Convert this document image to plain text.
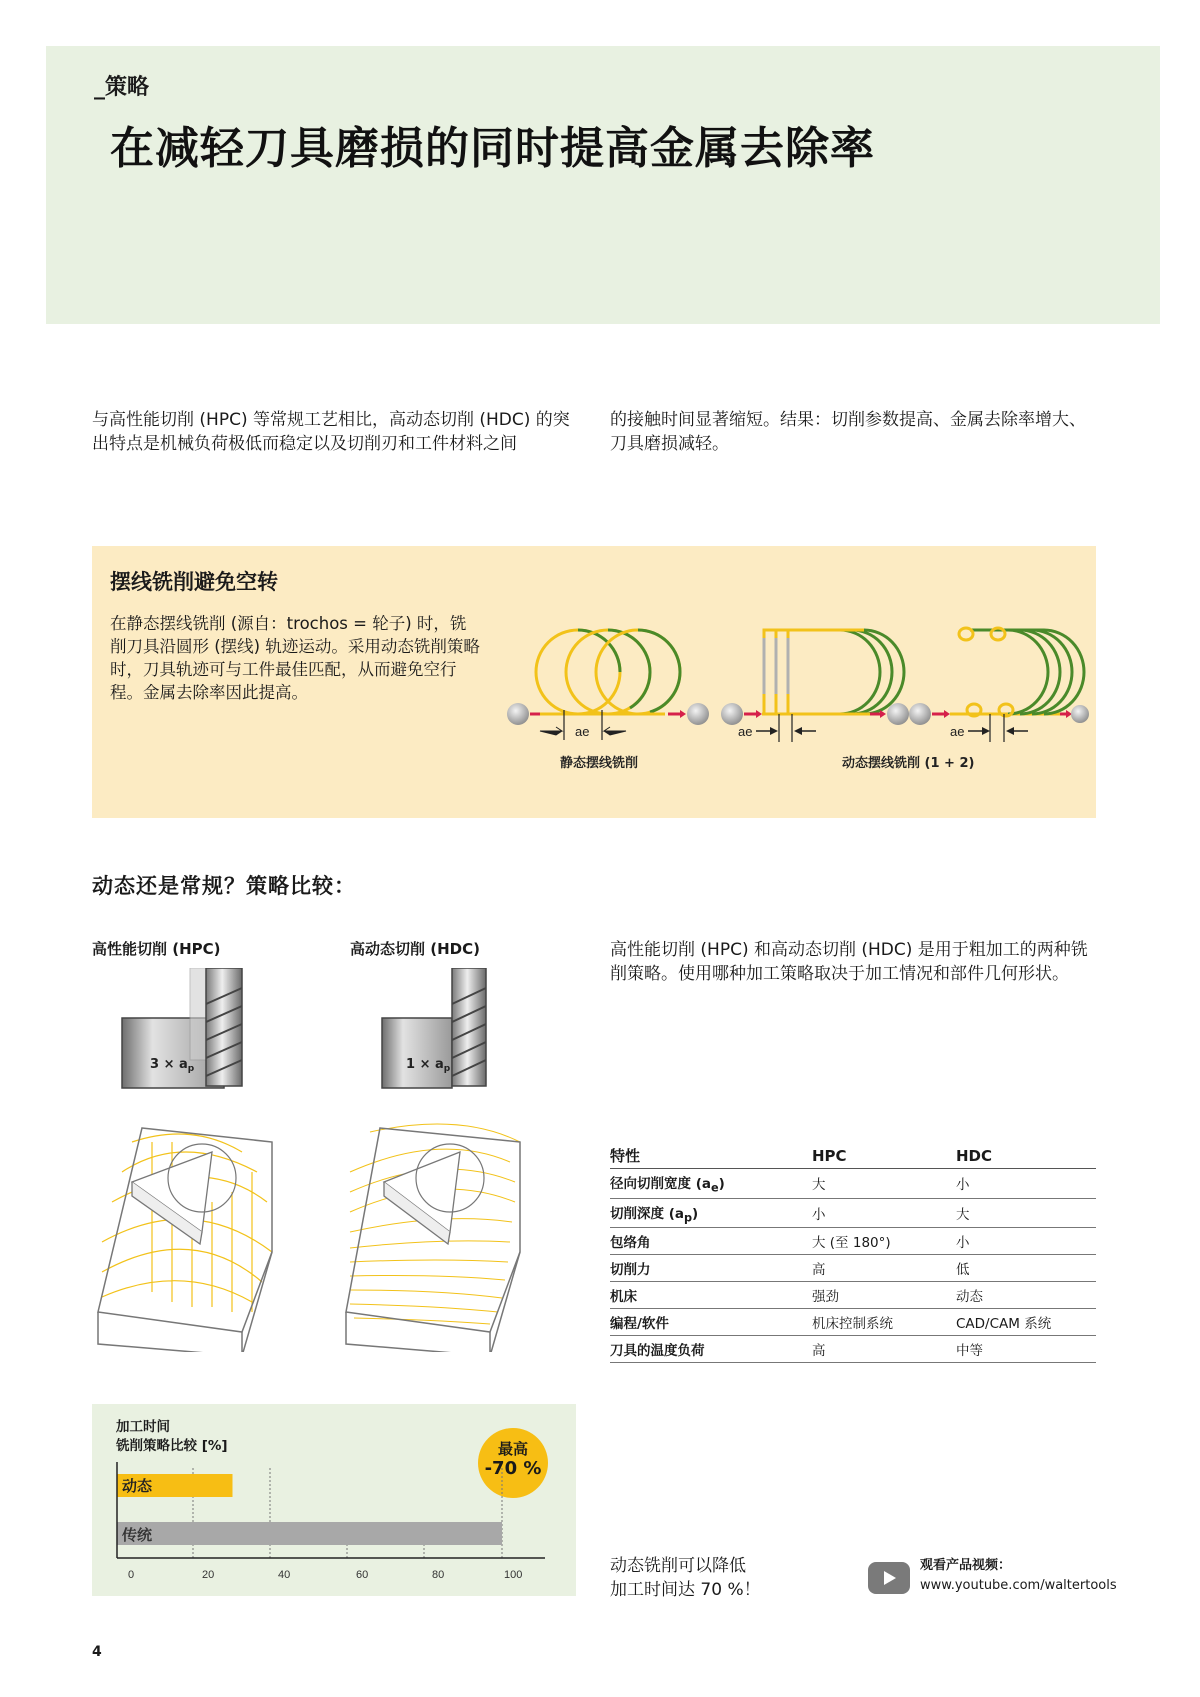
_策略
在减轻刀具磨损的同时提高金属去除率
与高性能切削 (HPC) 等常规工艺相比，高动态切削 (HDC) 的突出特点是机械负荷极低而稳定以及切削刃和工件材料之间
的接触时间显著缩短。结果：切削参数提高、金属去除率增大、刀具磨损减轻。
摆线铣削避免空转
在静态摆线铣削 (源自：trochos = 轮子) 时，铣削刀具沿圆形 (摆线) 轨迹运动。采用动态铣削策略时，刀具轨迹可与工件最佳匹配，从而避免空行程。金属去除率因此提高。
ae
静态摆线铣削
ae	ae
动态摆线铣削 (1 + 2)
动态还是常规？策略比较：
高性能切削 (HPC)	高动态切削 (HDC)
$3 \times a_p$	$1 \times a_p$
高性能切削 (HPC) 和高动态切削 (HDC) 是用于粗加工的两种铣削策略。使用哪种加工策略取决于加工情况和部件几何形状。
特性	HPC	HDC
径向切削宽度 $(a_e)$	大	小
切削深度 $(a_p)$	小	大
包络角	大 (至 180°)	小
切削力	高	低
机床	强劲	动态
编程/软件	机床控制系统	CAD/CAM 系统
刀具的温度负荷	高	中等
加工时间
铣削策略比较 [%]	最高
-70 %
动态
传统
0	20	40	60	80	100	动态铣削可以降低
加工时间达 70 %！
观看产品视频：
www.youtube.com/waltertools
4
